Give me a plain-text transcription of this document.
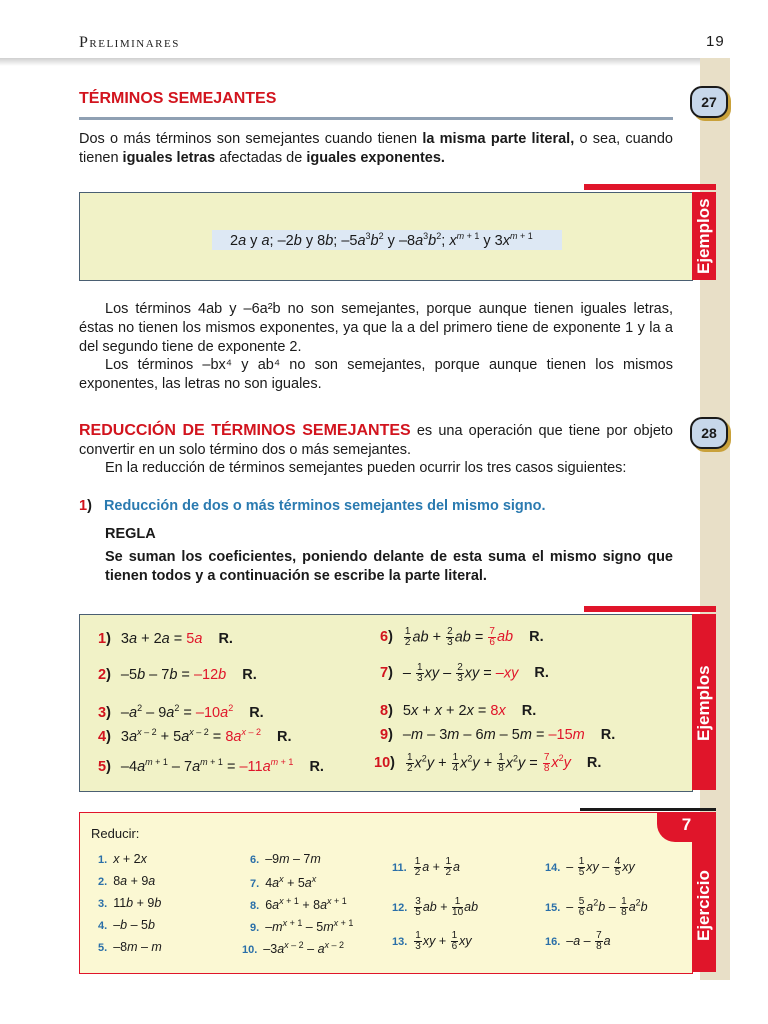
Preliminares	19
TÉRMINOS SEMEJANTES	27
Dos o más términos son semejantes cuando tienen la misma parte literal, o sea, cuando tienen iguales letras afectadas de iguales exponentes.
2a y a; –2b y 8b; $-5a^3b^2$ y $-8a^3b^2$; $x^{m + 1}$ y $3x^{m + 1}$	Ejemplos
Los términos 4ab y –6a²b no son semejantes, porque aunque tienen iguales letras, éstas no tienen los mismos exponentes, ya que la a del primero tiene de exponente 1 y la a del segundo tiene de exponente 2.
Los términos –bx⁴ y ab⁴ no son semejantes, porque aunque tienen los mismos exponentes, las letras no son iguales.
28
REDUCCIÓN DE TÉRMINOS SEMEJANTES es una operación que tiene por objeto convertir en un solo término dos o más semejantes.
En la reducción de términos semejantes pueden ocurrir los tres casos siguientes:
1) Reducción de dos o más términos semejantes del mismo signo.
REGLA
Se suman los coeficientes, poniendo delante de esta suma el mismo signo que tienen todos y a continuación se escribe la parte literal.
1) 3a + 2a = 5a R.
2) –5b – 7b = –12b R.
3) $-a^2 - 9a^2 = -10a^2$ R.
4) $3a^{x - 2} + 5a^{x - 2} = 8a^{x - 2}$ R.
5) $-4a^{m + 1} - 7a^{m + 1} = -11a^{m + 1}$ R.
$6) \frac{1}{2}$ ab + $\frac{2}{3}$ ab = $\frac{7}{6}$ ab R.
$7) - \frac{1}{3}$ xy – $\frac{2}{3}$ xy = –xy R.
8) 5x + x + 2x = 8x R.
9) –m – 3m – 6m – 5m = –15m R.
$10) \frac{1}{2} x^2y + \frac{1}{4} x^2y + \frac{1}{8} x^2y = \frac{7}{8} x^2y$ R.
Ejemplos
Reducir:
1. x + 2x
2. 8a + 9a
3. 11b + 9b
4. –b – 5b
5. –8m – m
6. –9m – 7m
7. $4a^x + 5a^x$
8. $6a^{x + 1} + 8a^{x + 1}$
9. $-m^{x + 1} - 5m^{x + 1}$
10. $-3a^{x - 2} - a^{x - 2}$
11. $\frac{1}{2}$ $a + \frac{1}{2}$ a
12. $\frac{3}{5}$ ab + $\frac{1}{10}$ ab
13. $\frac{1}{3}$ xy + $\frac{1}{6}$ xy
14. – $\frac{1}{5}$ xy – $\frac{4}{5}$ xy
15. – $\frac{5}{6} a^2b - \frac{1}{8} a^2b$
16. $-a - \frac{7}{8}$ a
7
Ejercicio
